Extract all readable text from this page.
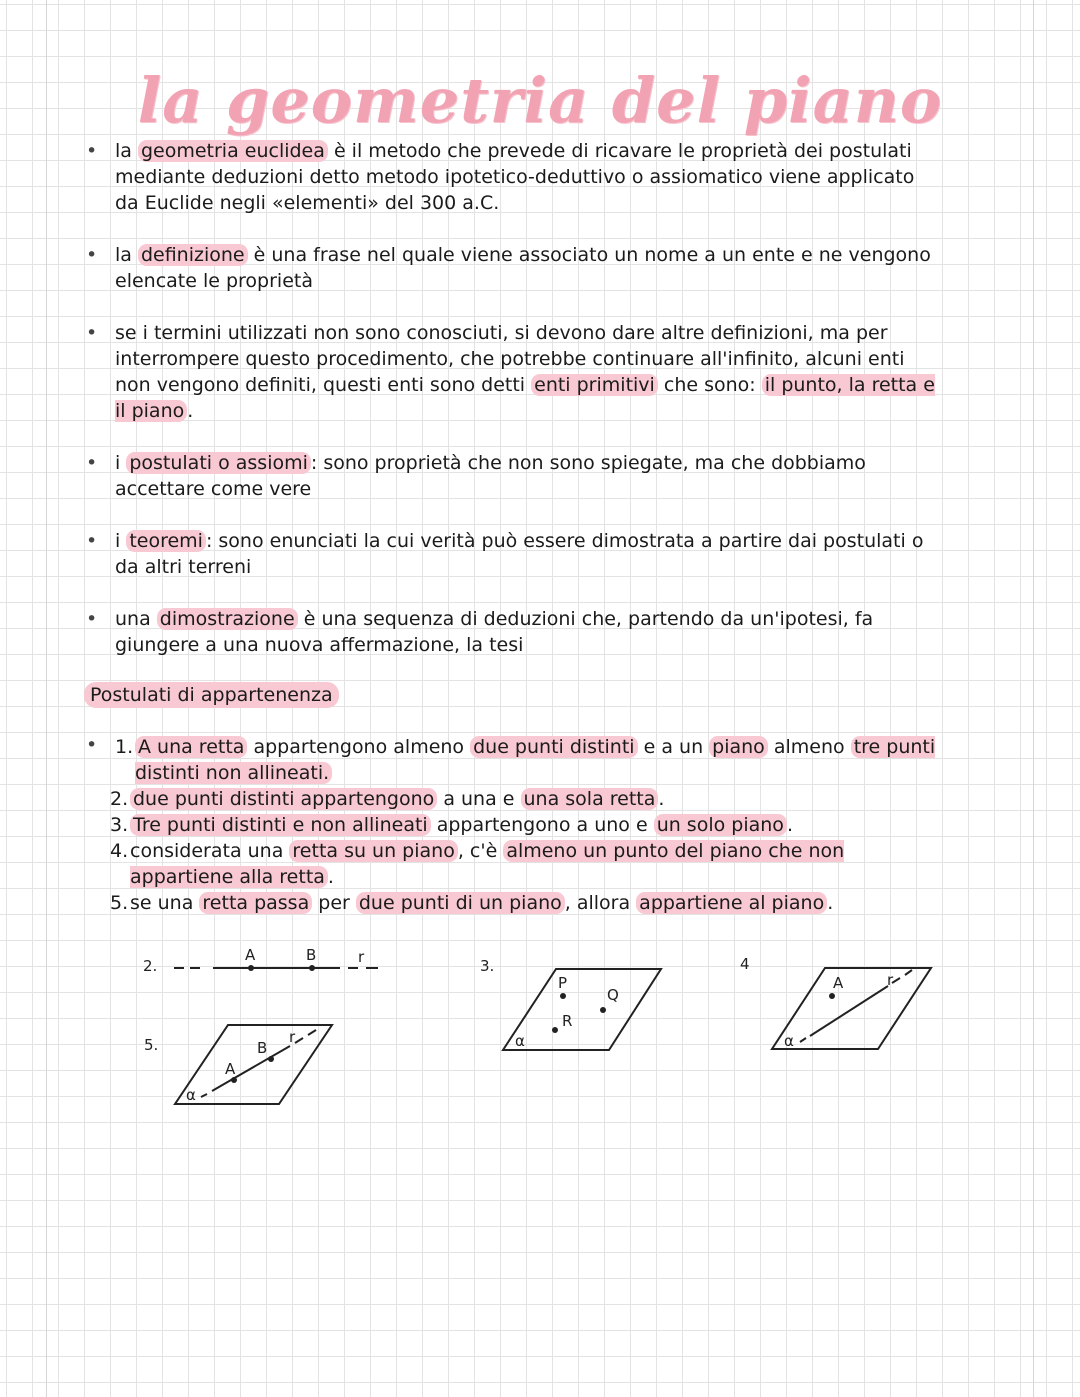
la geometria del piano
• la geometria euclidea è il metodo che prevede di ricavare le proprietà dei postulati mediante deduzioni detto metodo ipotetico-deduttivo o assiomatico viene applicato da Euclide negli «elementi» del 300 a.C.
• la definizione è una frase nel quale viene associato un nome a un ente e ne vengono elencate le proprietà
• se i termini utilizzati non sono conosciuti, si devono dare altre definizioni, ma per interrompere questo procedimento, che potrebbe continuare all'infinito, alcuni enti non vengono definiti, questi enti sono detti enti primitivi che sono: il punto, la retta e il piano .
• i postulati o assiomi : sono proprietà che non sono spiegate, ma che dobbiamo accettare come vere
• i teoremi : sono enunciati la cui verità può essere dimostrata a partire dai postulati o da altri terreni
• una dimostrazione è una sequenza di deduzioni che, partendo da un'ipotesi, fa giungere a una nuova affermazione, la tesi
Postulati di appartenenza
• 1. A una retta appartengono almeno due punti distinti e a un piano almeno tre punti distinti non allineati.
2. due punti distinti appartengono a una e una sola retta .
3. Tre punti distinti e non allineati appartengono a uno e un solo piano .
4. considerata una retta su un piano , c'è almeno un punto del piano che non appartiene alla retta .
5. se una retta passa per due punti di un piano , allora appartiene al piano .
2.
A	B	r	3.
P
Q
R
α
4
A	r
α
5.
A
B
r
α
